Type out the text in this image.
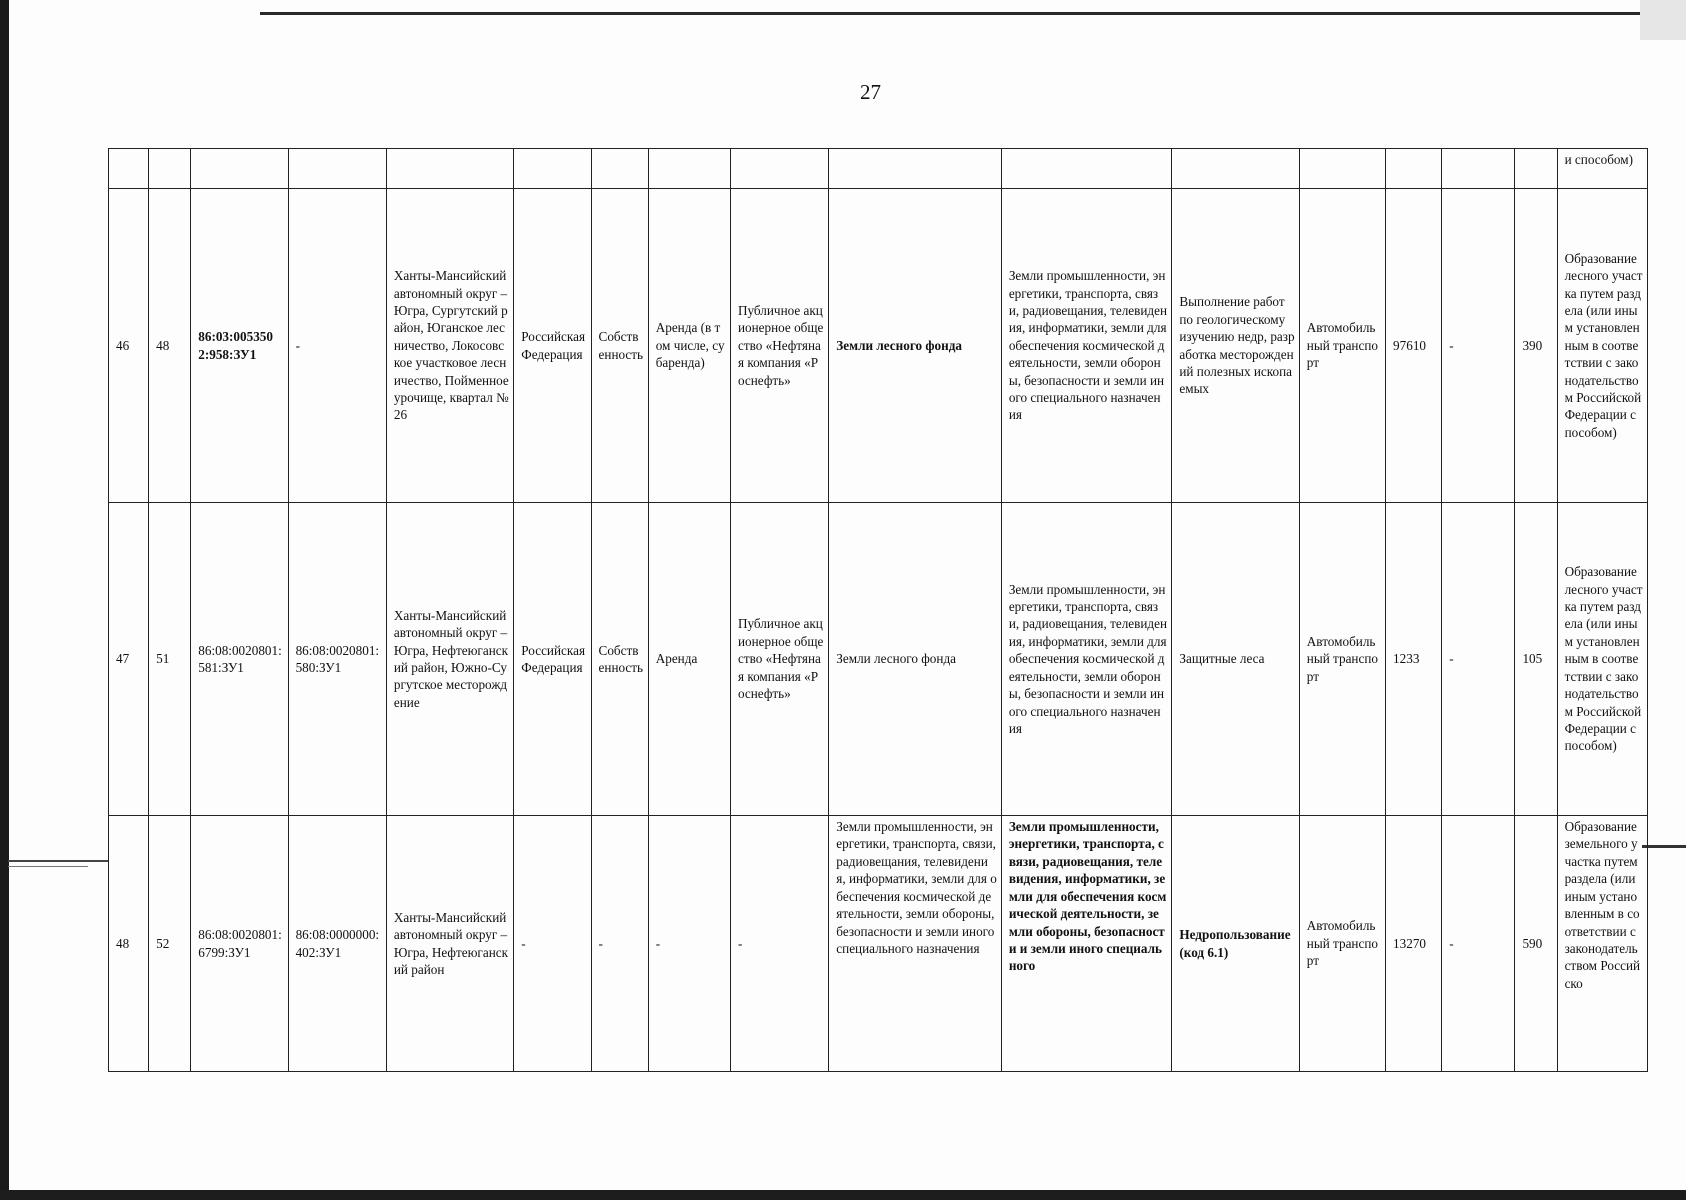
27
																и способом)
46	48	86:03:0053502:958:ЗУ1	-	Ханты-Мансийский автономный округ – Югра, Сургутский район, Юганское лесничество, Локосовское участковое лесничество, Пойменное урочище, квартал № 26	Российская Федерация	Собственность	Аренда (в том числе, субаренда)	Публичное акционерное общество «Нефтяная компания «Роснефть»	Земли лесного фонда	Земли промышленности, энергетики, транспорта, связи, радиовещания, телевидения, информатики, земли для обеспечения космической деятельности, земли обороны, безопасности и земли иного специального назначения	Выполнение работ по геологическому изучению недр, разработка месторождений полезных ископаемых	Автомобильный транспорт	97610	-	390	Образование лесного участка путем раздела (или иным установленным в соответствии с законодательством Российской Федерации способом)
47	51	86:08:0020801:581:ЗУ1	86:08:0020801:580:ЗУ1	Ханты-Мансийский автономный округ – Югра, Нефтеюганский район, Южно-Сургутское месторождение	Российская Федерация	Собственность	Аренда	Публичное акционерное общество «Нефтяная компания «Роснефть»	Земли лесного фонда	Земли промышленности, энергетики, транспорта, связи, радиовещания, телевидения, информатики, земли для обеспечения космической деятельности, земли обороны, безопасности и земли иного специального назначения	Защитные леса	Автомобильный транспорт	1233	-	105	Образование лесного участка путем раздела (или иным установленным в соответствии с законодательством Российской Федерации способом)
48	52	86:08:0020801:6799:ЗУ1	86:08:0000000:402:ЗУ1	Ханты-Мансийский автономный округ – Югра, Нефтеюганский район	-	-	-	-	Земли промышленности, энергетики, транспорта, связи, радиовещания, телевидения, информатики, земли для обеспечения космической деятельности, земли обороны, безопасности и земли иного специального назначения	Земли промышленности, энергетики, транспорта, связи, радиовещания, телевидения, информатики, земли для обеспечения космической деятельности, земли обороны, безопасности и земли иного специального	Недропользование (код 6.1)	Автомобильный транспорт	13270	-	590	Образование земельного участка путем раздела (или иным установленным в соответствии с законодательством Российско
